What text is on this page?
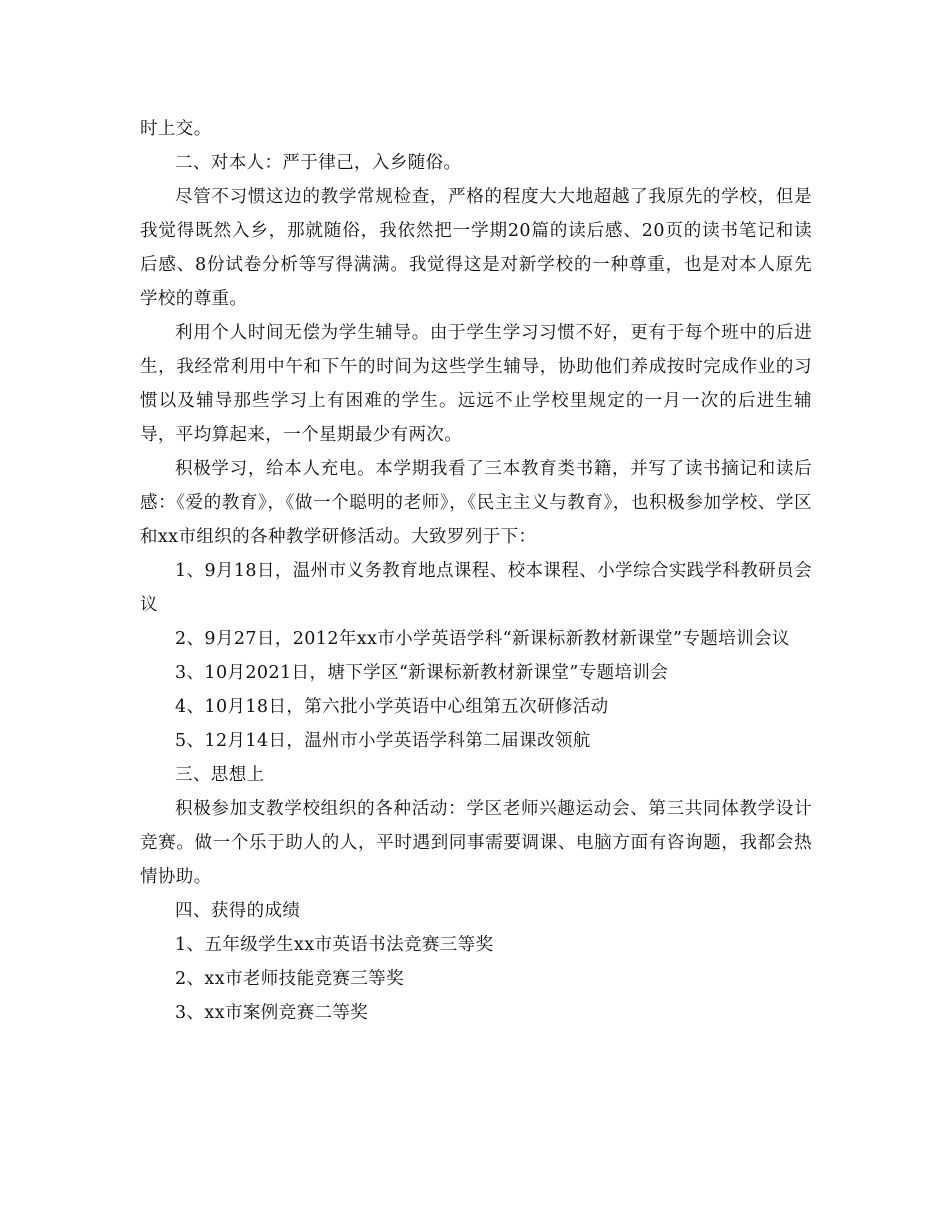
时上交。

二、对本人：严于律己，入乡随俗。

尽管不习惯这边的教学常规检查，严格的程度大大地超越了我原先的学校，但是我觉得既然入乡，那就随俗，我依然把一学期20篇的读后感、20页的读书笔记和读后感、8份试卷分析等写得满满。我觉得这是对新学校的一种尊重，也是对本人原先学校的尊重。

利用个人时间无偿为学生辅导。由于学生学习习惯不好，更有于每个班中的后进生，我经常利用中午和下午的时间为这些学生辅导，协助他们养成按时完成作业的习惯以及辅导那些学习上有困难的学生。远远不止学校里规定的一月一次的后进生辅导，平均算起来，一个星期最少有两次。

积极学习，给本人充电。本学期我看了三本教育类书籍，并写了读书摘记和读后感：《爱的教育》，《做一个聪明的老师》，《民主主义与教育》，也积极参加学校、学区和xx市组织的各种教学研修活动。大致罗列于下：

1、9月18日，温州市义务教育地点课程、校本课程、小学综合实践学科教研员会议

2、9月27日，2012年xx市小学英语学科“新课标新教材新课堂”专题培训会议

3、10月2021日，塘下学区“新课标新教材新课堂”专题培训会

4、10月18日，第六批小学英语中心组第五次研修活动

5、12月14日，温州市小学英语学科第二届课改领航

三、思想上

积极参加支教学校组织的各种活动：学区老师兴趣运动会、第三共同体教学设计竞赛。做一个乐于助人的人，平时遇到同事需要调课、电脑方面有咨询题，我都会热情协助。

四、获得的成绩

1、五年级学生xx市英语书法竞赛三等奖

2、xx市老师技能竞赛三等奖

3、xx市案例竞赛二等奖
